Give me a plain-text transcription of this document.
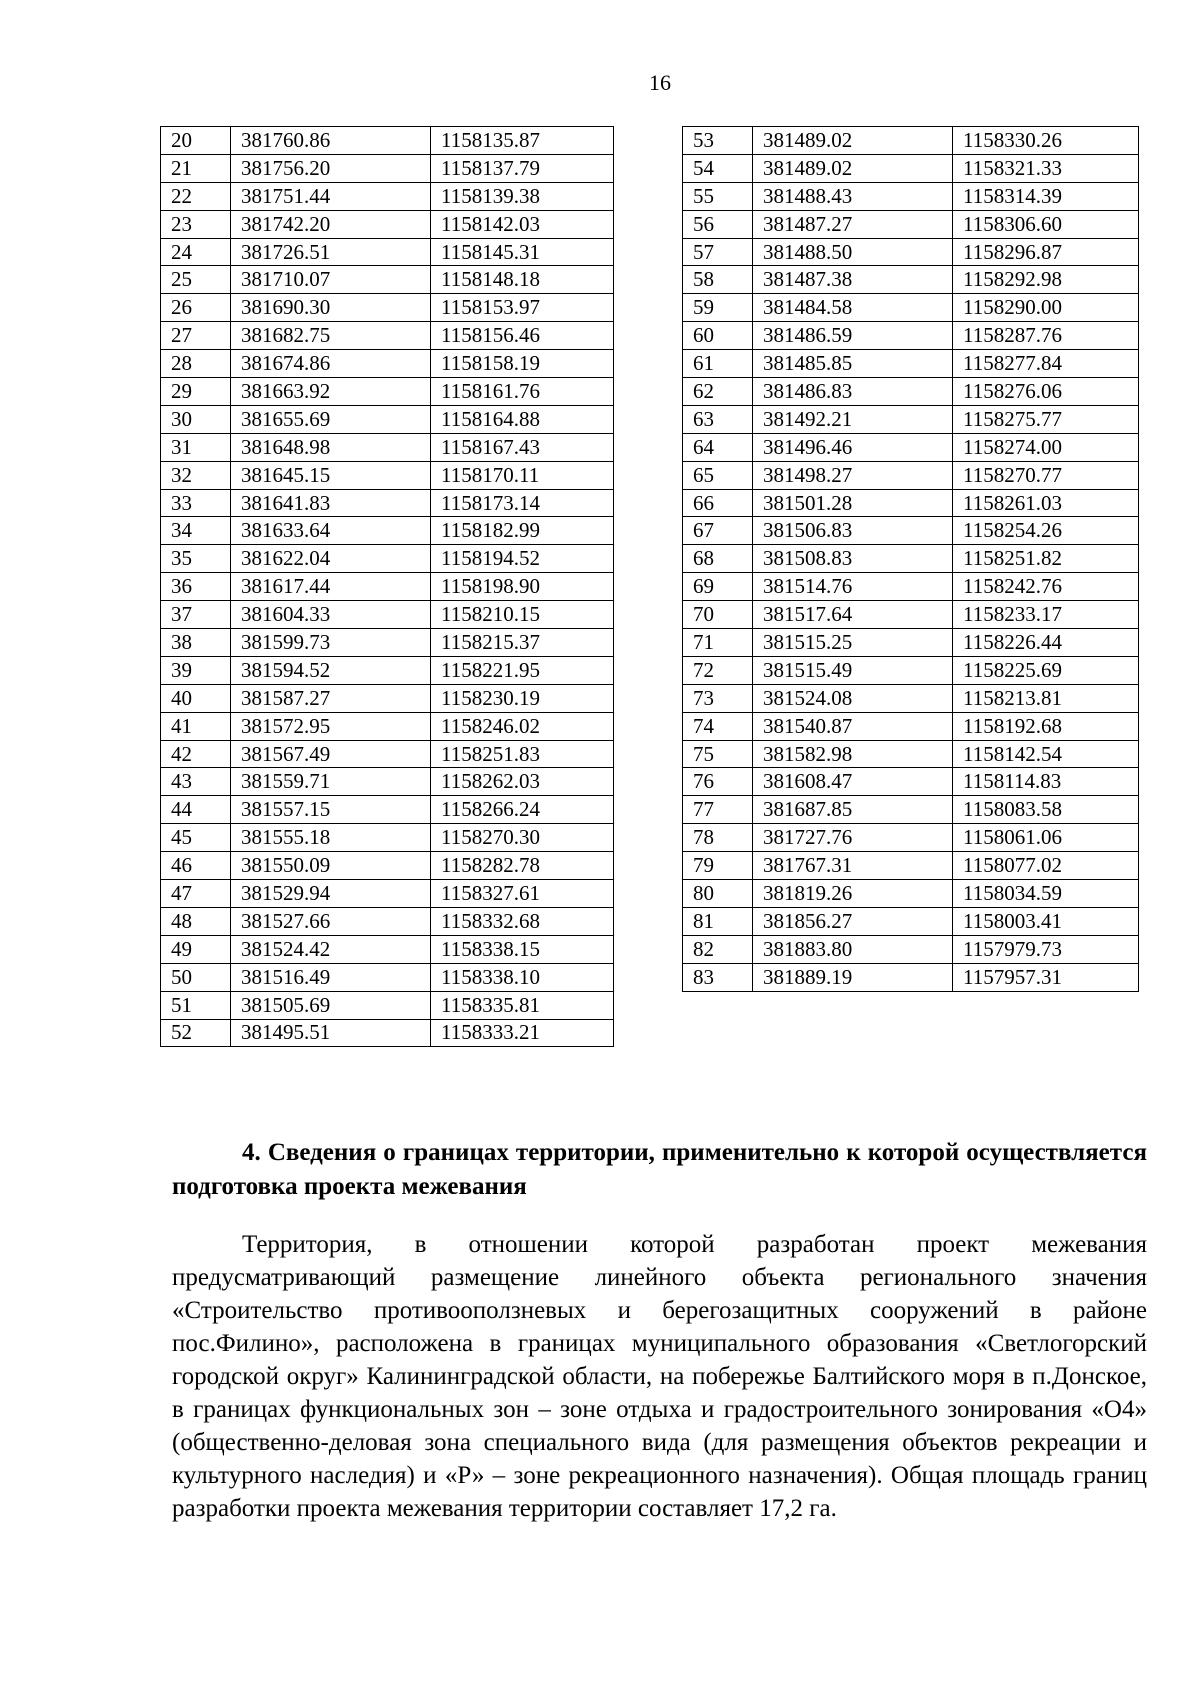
16
20	381760.86	1158135.87
21	381756.20	1158137.79
22	381751.44	1158139.38
23	381742.20	1158142.03
24	381726.51	1158145.31
25	381710.07	1158148.18
26	381690.30	1158153.97
27	381682.75	1158156.46
28	381674.86	1158158.19
29	381663.92	1158161.76
30	381655.69	1158164.88
31	381648.98	1158167.43
32	381645.15	1158170.11
33	381641.83	1158173.14
34	381633.64	1158182.99
35	381622.04	1158194.52
36	381617.44	1158198.90
37	381604.33	1158210.15
38	381599.73	1158215.37
39	381594.52	1158221.95
40	381587.27	1158230.19
41	381572.95	1158246.02
42	381567.49	1158251.83
43	381559.71	1158262.03
44	381557.15	1158266.24
45	381555.18	1158270.30
46	381550.09	1158282.78
47	381529.94	1158327.61
48	381527.66	1158332.68
49	381524.42	1158338.15
50	381516.49	1158338.10
51	381505.69	1158335.81
52	381495.51	1158333.21
53	381489.02	1158330.26
54	381489.02	1158321.33
55	381488.43	1158314.39
56	381487.27	1158306.60
57	381488.50	1158296.87
58	381487.38	1158292.98
59	381484.58	1158290.00
60	381486.59	1158287.76
61	381485.85	1158277.84
62	381486.83	1158276.06
63	381492.21	1158275.77
64	381496.46	1158274.00
65	381498.27	1158270.77
66	381501.28	1158261.03
67	381506.83	1158254.26
68	381508.83	1158251.82
69	381514.76	1158242.76
70	381517.64	1158233.17
71	381515.25	1158226.44
72	381515.49	1158225.69
73	381524.08	1158213.81
74	381540.87	1158192.68
75	381582.98	1158142.54
76	381608.47	1158114.83
77	381687.85	1158083.58
78	381727.76	1158061.06
79	381767.31	1158077.02
80	381819.26	1158034.59
81	381856.27	1158003.41
82	381883.80	1157979.73
83	381889.19	1157957.31
4. Сведения о границах территории, применительно к которой осуществляется подготовка проекта межевания

Территория, в отношении которой разработан проект межевания предусматривающий размещение линейного объекта регионального значения «Строительство противооползневых и берегозащитных сооружений в районе пос.Филино», расположена в границах муниципального образования «Светлогорский городской округ» Калининградской области, на побережье Балтийского моря в п.Донское, в границах функциональных зон – зоне отдыха и градостроительного зонирования «О4» (общественно-деловая зона специального вида (для размещения объектов рекреации и культурного наследия) и «Р» – зоне рекреационного назначения). Общая площадь границ разработки проекта межевания территории составляет 17,2 га.
